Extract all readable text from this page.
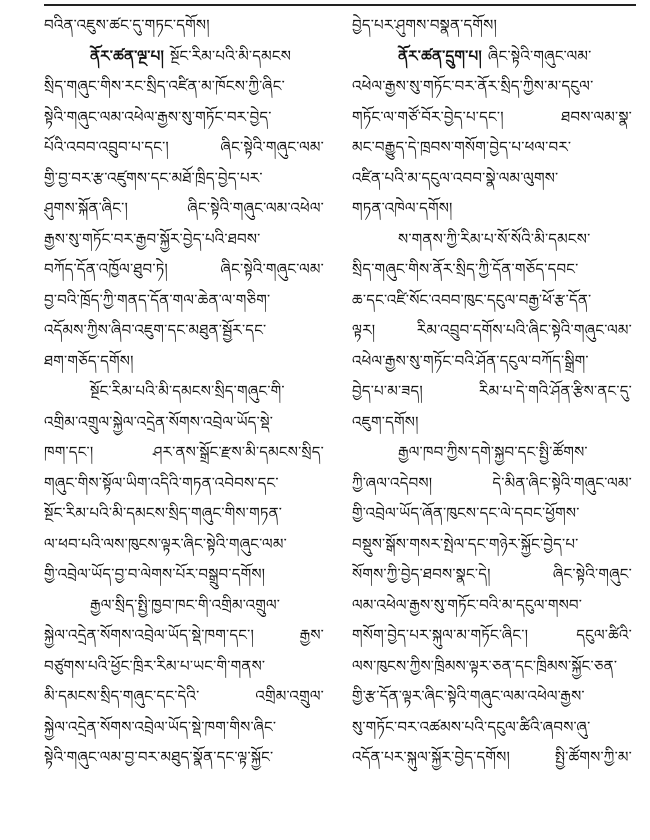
བའིན་འཇུས་ཚང་དུ་གཏང་དགོས།
ནོར་ཚན་ལྔ་པ། སྔོང་རིམ་པའི་མི་དམངས
སྲིད་གཞུང་གིས་རང་སྲིད་འཛིན་མ་ཁོངས་ཀྱི་ཞིང་
སྟེའི་གཞུང་ལམ་འཕེལ་རྒྱས་སུ་གཏོང་བར་བྱེད་
པོའི་འབབ་འབྲུབ་པ་དང་། ཞིང་སྟེའི་གཞུང་ལམ་
གྱི་བྱ་བར་རྩ་འཛུགས་དང་མཐོ་ཁྲིད་བྱེད་པར་
ཤུགས་སྐོན་ཞིང་། ཞིང་སྟེའི་གཞུང་ལམ་འཕེལ་
རྒྱས་སུ་གཏོང་བར་རྒྱབ་སྐྱོར་བྱེད་པའི་ཐབས་
བཀོད་དོན་འཁྱོལ་ཐུབ་ཏེ། ཞིང་སྟེའི་གཞུང་ལམ་
བྱ་བའི་ཁྲོད་ཀྱི་གནད་དོན་གལ་ཆེན་ལ་གཅིག་
འདོམས་ཀྱིས་ཞིབ་འཇུག་དང་མཐུན་སྦྱོར་དང་
ཐག་གཅོད་དགོས།
སྔོང་རིམ་པའི་མི་དམངས་སྲིད་གཞུང་གི་
འགྲིམ་འགྲུལ་སྐྱེལ་འདྲེན་སོགས་འབྲེལ་ཡོད་སྡེ་
ཁག་དང་། ཤར་ནས་སྒྲོང་རྫས་མི་དམངས་སྲིད་
གཞུང་གིས་སྟོལ་ཡིག་འདིའི་གཏན་འབེབས་དང་
སྔོང་རིམ་པའི་མི་དམངས་སྲིད་གཞུང་གིས་གཏན་
ལ་ཕབ་པའི་ལས་ཁུངས་ལྟར་ཞིང་སྟེའི་གཞུང་ལམ་
གྱི་འབྲེལ་ཡོད་བྱ་བ་ལེགས་པོར་བསྒྲུབ་དགོས།
རྒྱལ་སྲིད་སྤྱི་ཁྱབ་ཁང་གི་འགྲིམ་འགྲུལ་
སྐྱེལ་འདྲེན་སོགས་འབྲེལ་ཡོད་སྡེ་ཁག་དང་། རྒྱས་
བཙུགས་པའི་ཕྱོང་ཁྲིར་རིམ་པ་ཡང་གི་གནས་
མི་དམངས་སྲིད་གཞུང་དང་དེའི་ འགྲིམ་འགྲུལ་
སྐྱེལ་འདྲེན་སོགས་འབྲེལ་ཡོད་སྡེ་ཁག་གིས་ཞིང་
སྟེའི་གཞུང་ལམ་བྱ་བར་མཐུད་སྣོན་དང་ལྟ་སྐྱོང་
བྱེད་པར་ཤུགས་བསྣན་དགོས།
ནོར་ཚན་དྲུག་པ། ཞིང་སྟེའི་གཞུང་ལམ་
འཕེལ་རྒྱས་སུ་གཏོང་བར་ནོར་སྲིད་ཀྱིས་མ་དངུལ་
གཏོང་ལ་གཙོ་བོར་བྱེད་པ་དང་། ཐབས་ལམ་སྣ་
མང་བརྒྱུད་དེ་ཁྲབས་གསོག་བྱེད་པ་ཕལ་བར་
འཛིན་པའི་མ་དངུལ་འབབ་སྣེ་ལམ་ལུགས་
གཏན་འཁེལ་དགོས།
ས་གནས་ཀྱི་རིམ་པ་སོ་སོའི་མི་དམངས་
སྲིད་གཞུང་གིས་ནོར་སྲིད་ཀྱི་དོན་གཅོད་དབང་
ཆ་དང་འཛི་སོང་འབབ་ཁུང་དངུལ་བརྒྱ་ཕོ་རྩ་དོན་
ལྟར། རིམ་འབྲུབ་དགོས་པའི་ཞིང་སྟེའི་གཞུང་ལམ་
འཕེལ་རྒྱས་སུ་གཏོང་བའི་ཤོན་དངུལ་བཀོད་སྒྲིག་
བྱེད་པ་མ་ཟད། རིམ་པ་དེ་གའི་ཤོན་རྩིས་ནང་དུ་
འཇུག་དགོས།
རྒྱལ་ཁབ་ཀྱིས་དགེ་སྐྱབ་དང་སྤྱི་ཚོགས་
ཀྱི་ཞལ་འདེབས། དེ་མིན་ཞིང་སྟེའི་གཞུང་ལམ་
གྱི་འབྲེལ་ཡོད་ཞོན་ཁུངས་དང་ལེ་དབང་ཕྱོགས་
བསྡུས་སྒོས་གསར་སྤེལ་དང་གཉེར་སྐྱོང་བྱེད་པ་
སོགས་ཀྱི་བྱེད་ཐབས་སྣང་དེ། ཞིང་སྟེའི་གཞུང་
ལམ་འཕེལ་རྒྱས་སུ་གཏོང་བའི་མ་དངུལ་གསབ་
གསོག་བྱེད་པར་སྐུལ་མ་གཏོང་ཞིང་། དངུལ་ཚིའི་
ལས་ཁུངས་ཀྱིས་ཁྲིམས་ལྟར་ཅན་དང་ཁྲིམས་སྐྱོང་ཅན་
གྱི་རྩ་དོན་ལྟར་ཞིང་སྟེའི་གཞུང་ལམ་འཕེལ་རྒྱས་
སུ་གཏོང་བར་འཚམས་པའི་དངུལ་ཚིའི་ཞབས་ཞུ་
འདོན་པར་སྐུལ་སྐྱོར་བྱེད་དགོས། སྤྱི་ཚོགས་ཀྱི་མ་
